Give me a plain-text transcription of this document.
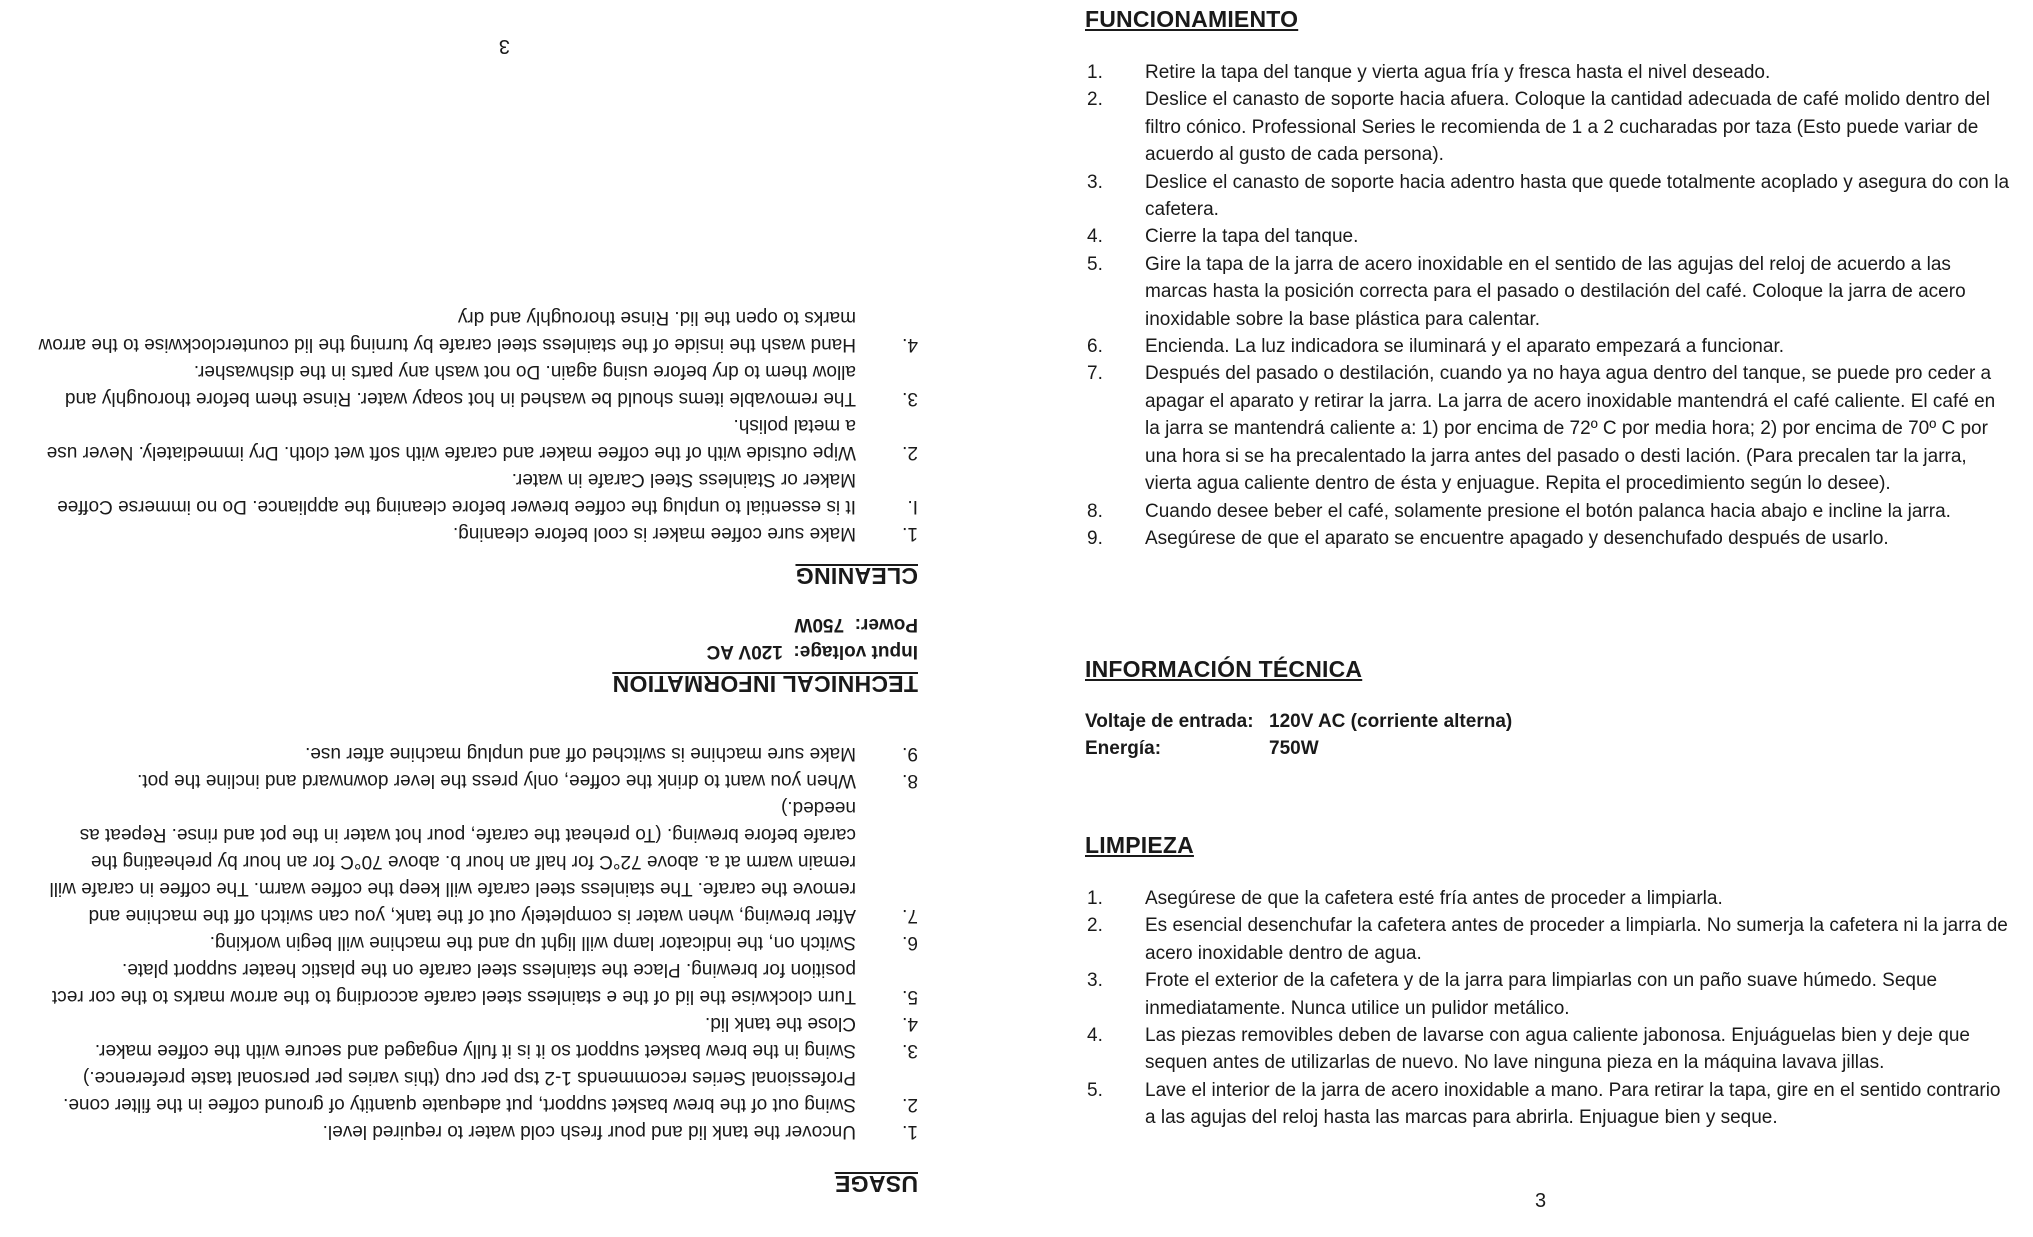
USAGE
1.
Uncover the tank lid and pour fresh cold water to required level.
2.
Swing out of the brew basket support, put adequate quantity of ground coffee in the filter cone. Professional Series recommends 1-2 tsp per cup (this varies per personal taste preference.)
3.
Swing in the brew basket support so it is it fully engaged and secure with the coffee maker.
4.
Close the tank lid.
5.
Turn clockwise the lid of the e stainless steel carafe according to the arrow marks to the cor rect position for brewing. Place the stainless steel carafe on the plastic heater support plate.
6.
Switch on, the indicator lamp will light up and the machine will begin working.
7.
After brewing, when water is completely out of the tank, you can switch off the machine and remove the carafe. The stainless steel carafe will keep the coffee warm. The coffee in carafe will remain warm at a. above 72°C for half an hour b. above 70°C for an hour by preheating the carafe before brewing. (To preheat the carafe, pour hot water in the pot and rinse. Repeat as needed.)
8.
When you want to drink the coffee, only press the lever downward and incline the pot.
9.
Make sure machine is switched off and unplug machine after use.
TECHNICAL INFORMATION
Input voltage:  120V AC
Power:  750W
CLEANING
1.
Make sure coffee maker is cool before cleaning.
I.
It is essential to unplug the coffee brewer before cleaning the appliance. Do no immerse Coffee Maker or Stainless Steel Carafe in water.
2.
Wipe outside with of the coffee maker and carafe with soft wet cloth. Dry immediately. Never use a metal polish.
3.
The removable items should be washed in hot soapy water. Rinse them before thoroughly and allow them to dry before using again. Do not wash any parts in the dishwasher.
4.
Hand wash the inside of the stainless steel carafe by turning the lid counterclockwise to the arrow marks to open the lid. Rinse thoroughly and dry
3
FUNCIONAMIENTO
1. Retire la tapa del tanque y vierta agua fría y fresca hasta el nivel deseado.
2. Deslice el canasto de soporte hacia afuera. Coloque la cantidad adecuada de café molido dentro del filtro cónico. Professional Series le recomienda de 1 a 2 cucharadas por taza (Esto puede variar de acuerdo al gusto de cada persona).
3. Deslice el canasto de soporte hacia adentro hasta que quede totalmente acoplado y asegura do con la cafetera.
4. Cierre la tapa del tanque.
5. Gire la tapa de la jarra de acero inoxidable en el sentido de las agujas del reloj de acuerdo a las marcas hasta la posición correcta para el pasado o destilación del café. Coloque la jarra de acero inoxidable sobre la base plástica para calentar.
6. Encienda. La luz indicadora se iluminará y el aparato empezará a funcionar.
7. Después del pasado o destilación, cuando ya no haya agua dentro del tanque, se puede pro ceder a apagar el aparato y retirar la jarra. La jarra de acero inoxidable mantendrá el café caliente. El café en la jarra se mantendrá caliente a: 1) por encima de 72º C por media hora; 2) por encima de 70º C por una hora si se ha precalentado la jarra antes del pasado o desti lación. (Para precalen tar la jarra, vierta agua caliente dentro de ésta y enjuague. Repita el procedimiento según lo desee).
8. Cuando desee beber el café, solamente presione el botón palanca hacia abajo e incline la jarra.
9. Asegúrese de que el aparato se encuentre apagado y desenchufado después de usarlo.
INFORMACIÓN TÉCNICA
Voltaje de entrada: 120V AC (corriente alterna)
Energía:	750W
LIMPIEZA
1. Asegúrese de que la cafetera esté fría antes de proceder a limpiarla.
2. Es esencial desenchufar la cafetera antes de proceder a limpiarla. No sumerja la cafetera ni la jarra de acero inoxidable dentro de agua.
3. Frote el exterior de la cafetera y de la jarra para limpiarlas con un paño suave húmedo. Seque inmediatamente. Nunca utilice un pulidor metálico.
4. Las piezas removibles deben de lavarse con agua caliente jabonosa. Enjuáguelas bien y deje que sequen antes de utilizarlas de nuevo. No lave ninguna pieza en la máquina lavava jillas.
5. Lave el interior de la jarra de acero inoxidable a mano. Para retirar la tapa, gire en el sentido contrario a las agujas del reloj hasta las marcas para abrirla. Enjuague bien y seque.
3
